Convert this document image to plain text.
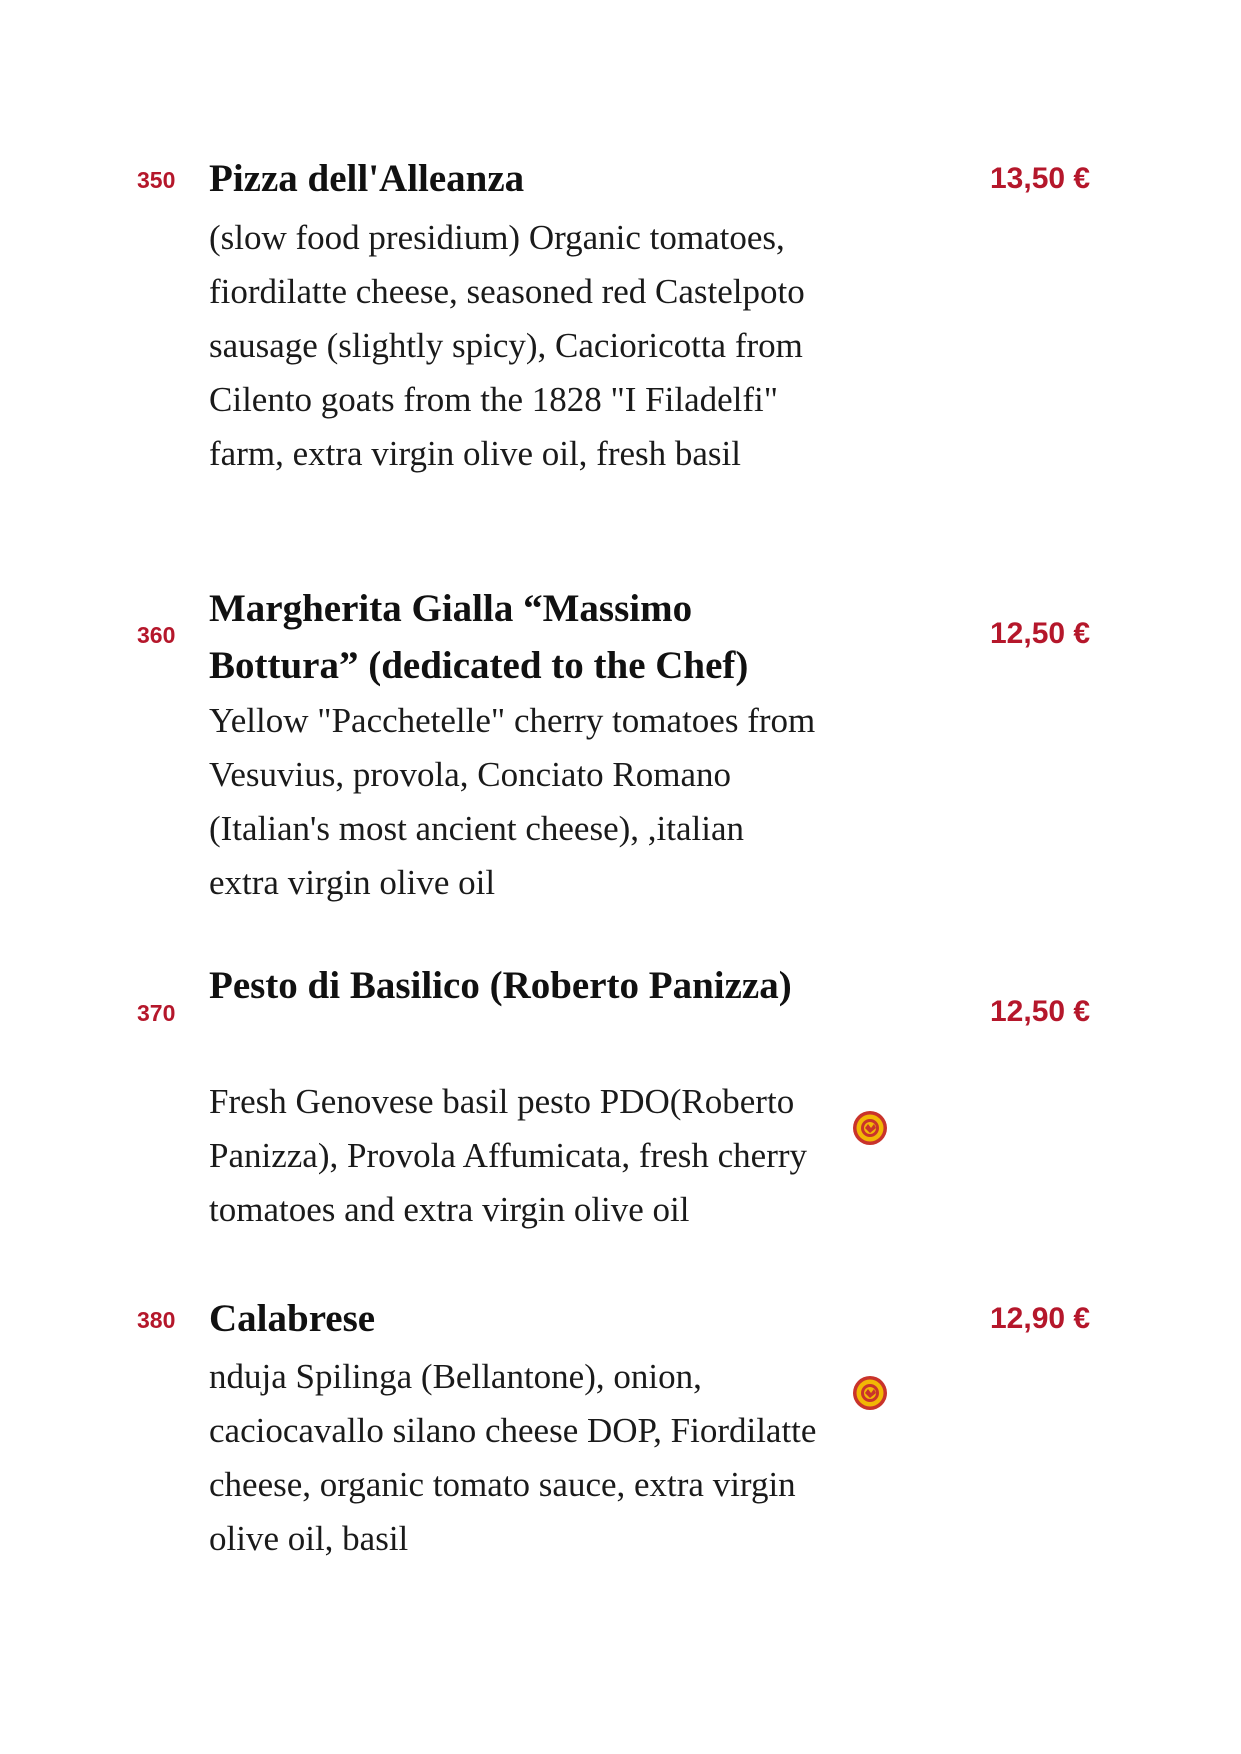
350 Pizza dell'Alleanza	13,50 €

(slow food presidium) Organic tomatoes, fiordilatte cheese, seasoned red Castelpoto sausage (slightly spicy), Cacioricotta from Cilento goats from the 1828 "I Filadelfi" farm, extra virgin olive oil, fresh basil

360
Margherita Gialla “Massimo Bottura” (dedicated to the Chef)
12,50 €

Yellow "Pacchetelle" cherry tomatoes from Vesuvius, provola, Conciato Romano (Italian's most ancient cheese), ,italian extra virgin olive oil

370
Pesto di Basilico (Roberto Panizza)
12,50 €

Fresh Genovese basil pesto PDO(Roberto Panizza), Provola Affumicata, fresh cherry tomatoes and extra virgin olive oil

380 Calabrese	12,90 €

nduja Spilinga (Bellantone), onion, caciocavallo silano cheese DOP, Fiordilatte cheese, organic tomato sauce, extra virgin olive oil, basil
